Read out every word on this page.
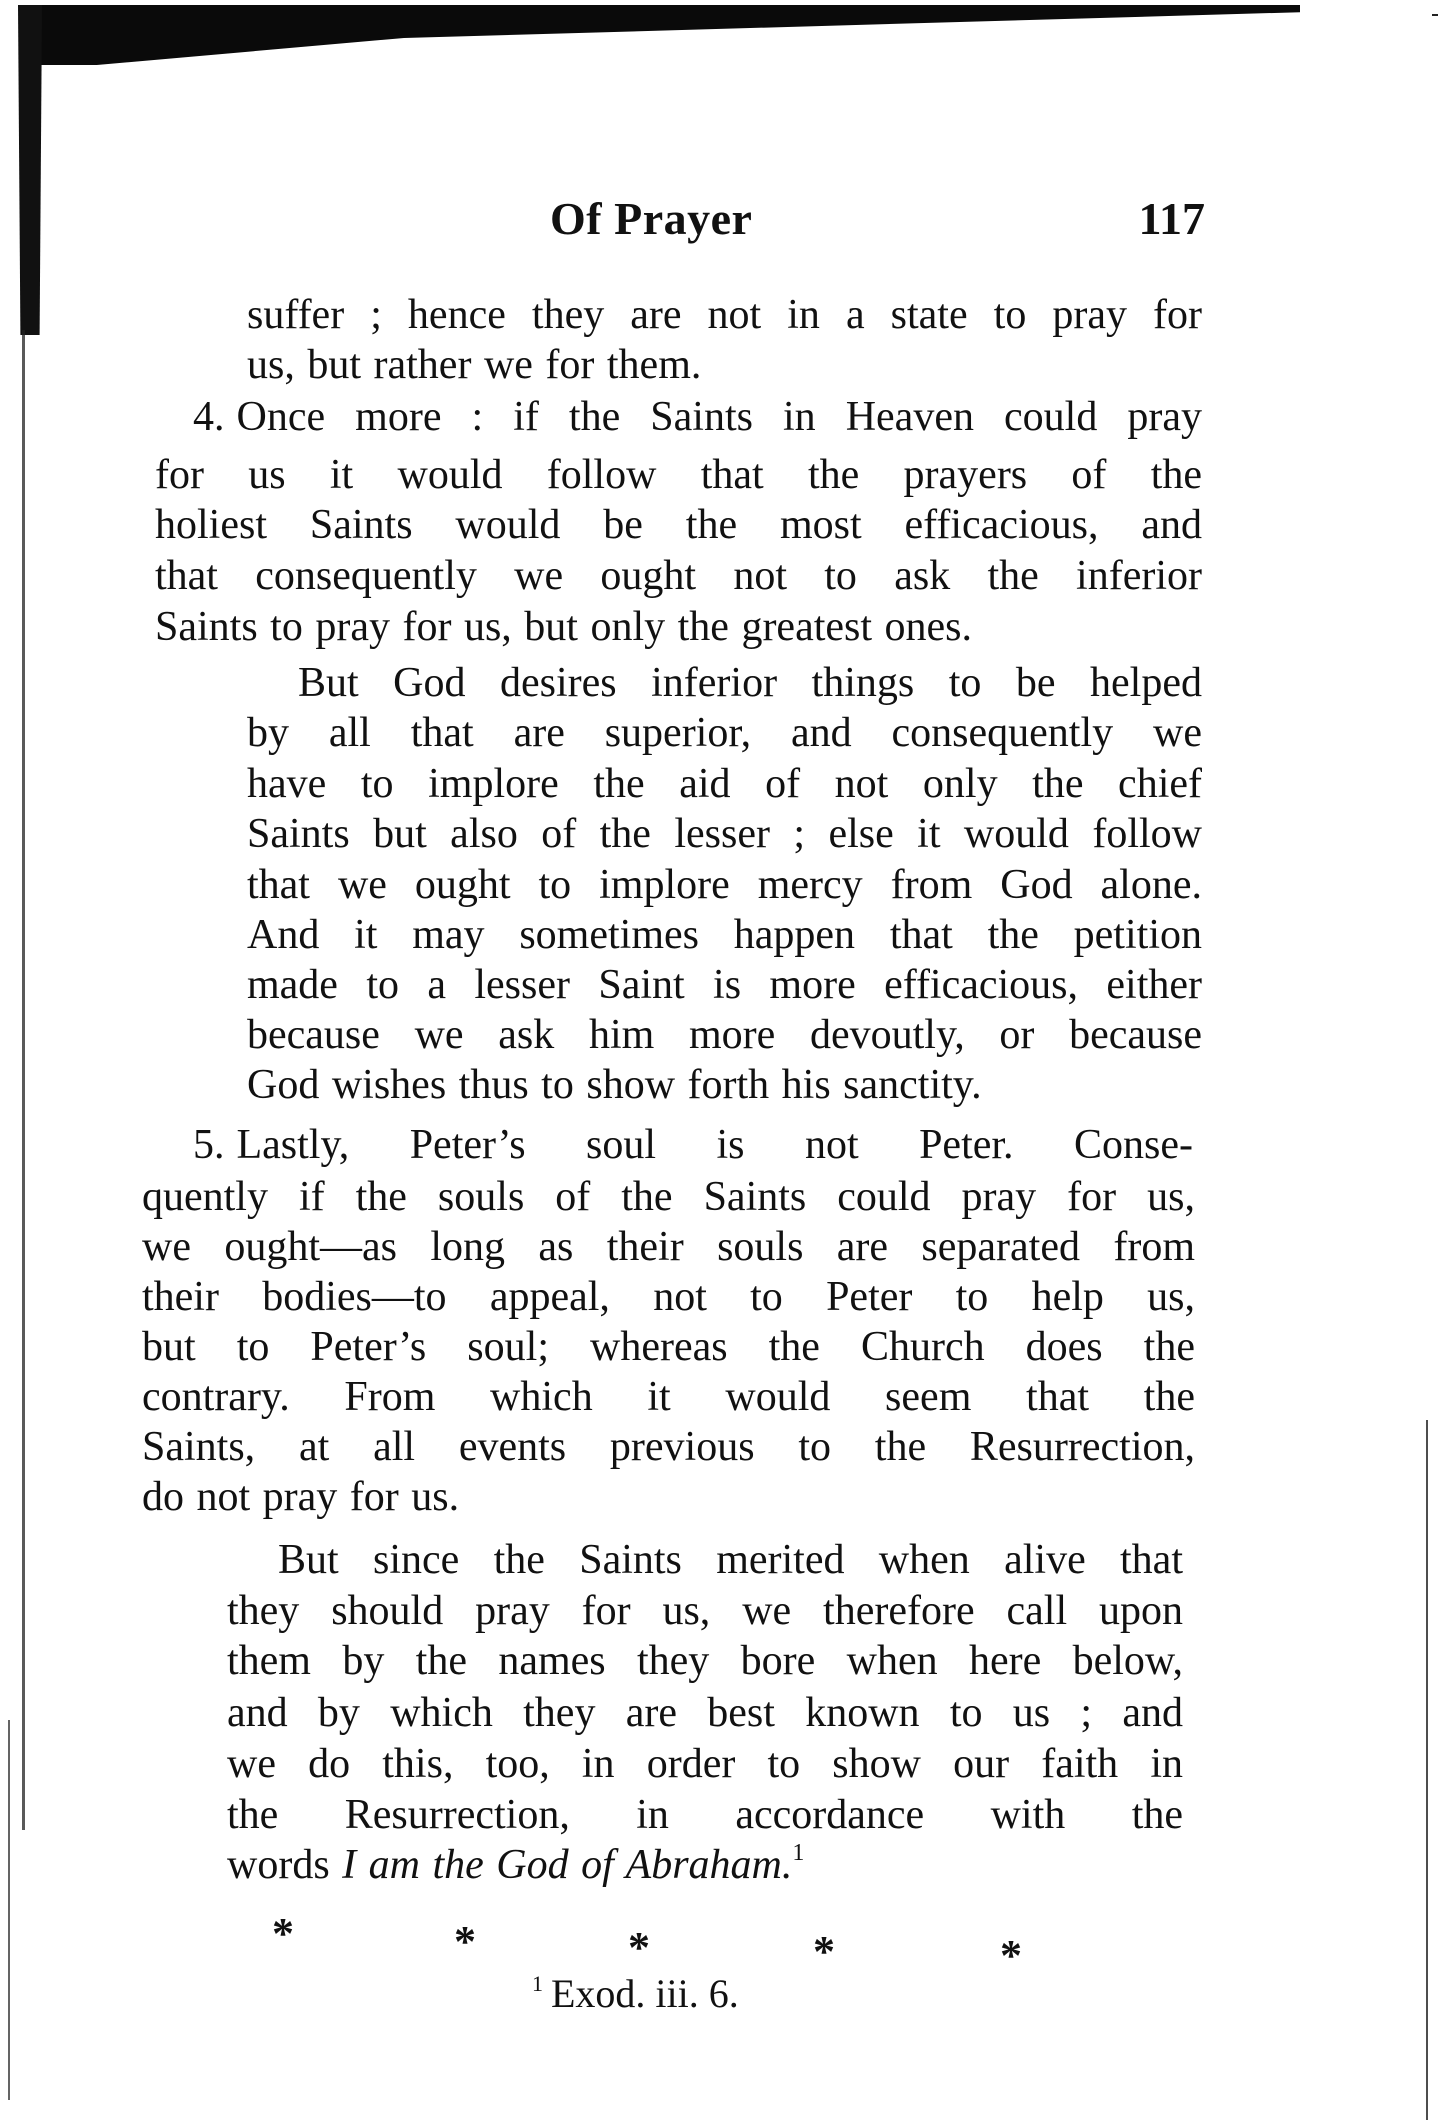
Of Prayer	117
suffer ; hence they are not in a state to pray for
us, but rather we for them.
4. Once more : if the Saints in Heaven could pray
for us it would follow that the prayers of the
holiest Saints would be the most efficacious, and
that consequently we ought not to ask the inferior
Saints to pray for us, but only the greatest ones.
But God desires inferior things to be helped
by all that are superior, and consequently we
have to implore the aid of not only the chief
Saints but also of the lesser ; else it would follow
that we ought to implore mercy from God alone.
And it may sometimes happen that the petition
made to a lesser Saint is more efficacious, either
because we ask him more devoutly, or because
God wishes thus to show forth his sanctity.
5. Lastly, Peter’s soul is not Peter. Conse-
quently if the souls of the Saints could pray for us,
we ought—as long as their souls are separated from
their bodies—to appeal, not to Peter to help us,
but to Peter’s soul; whereas the Church does the
contrary. From which it would seem that the
Saints, at all events previous to the Resurrection,
do not pray for us.
But since the Saints merited when alive that
they should pray for us, we therefore call upon
them by the names they bore when here below,
and by which they are best known to us ; and
we do this, too, in order to show our faith in
the Resurrection, in accordance with the
words I am the God of Abraham.$^1$
*	*	*	*	*
$^1$ Exod. iii. 6.
